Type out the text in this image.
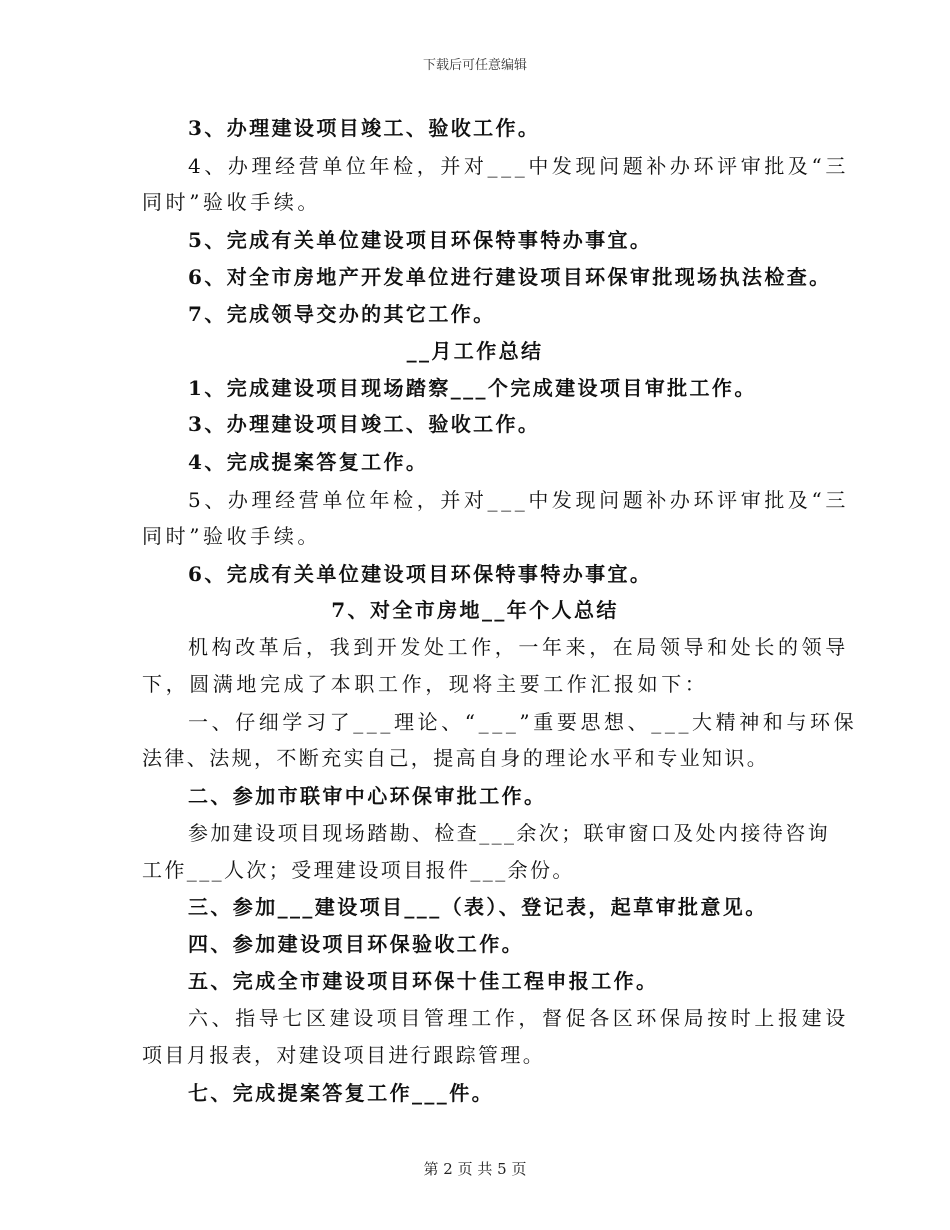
下载后可任意编辑
3、办理建设项目竣工、验收工作。
4、办理经营单位年检，并对___中发现问题补办环评审批及“三
同时”验收手续。
5、完成有关单位建设项目环保特事特办事宜。
6、对全市房地产开发单位进行建设项目环保审批现场执法检查。
7、完成领导交办的其它工作。
__月工作总结
1、完成建设项目现场踏察___个完成建设项目审批工作。
3、办理建设项目竣工、验收工作。
4、完成提案答复工作。
5、办理经营单位年检，并对___中发现问题补办环评审批及“三
同时”验收手续。
6、完成有关单位建设项目环保特事特办事宜。
7、对全市房地__年个人总结
机构改革后，我到开发处工作，一年来，在局领导和处长的领导
下，圆满地完成了本职工作，现将主要工作汇报如下：
一、仔细学习了___理论、“___”重要思想、___大精神和与环保
法律、法规，不断充实自己，提高自身的理论水平和专业知识。
二、参加市联审中心环保审批工作。
参加建设项目现场踏勘、检查___余次；联审窗口及处内接待咨询
工作___人次；受理建设项目报件___余份。
三、参加___建设项目___（表）、登记表，起草审批意见。
四、参加建设项目环保验收工作。
五、完成全市建设项目环保十佳工程申报工作。
六、指导七区建设项目管理工作，督促各区环保局按时上报建设
项目月报表，对建设项目进行跟踪管理。
七、完成提案答复工作___件。
第 2 页 共 5 页
